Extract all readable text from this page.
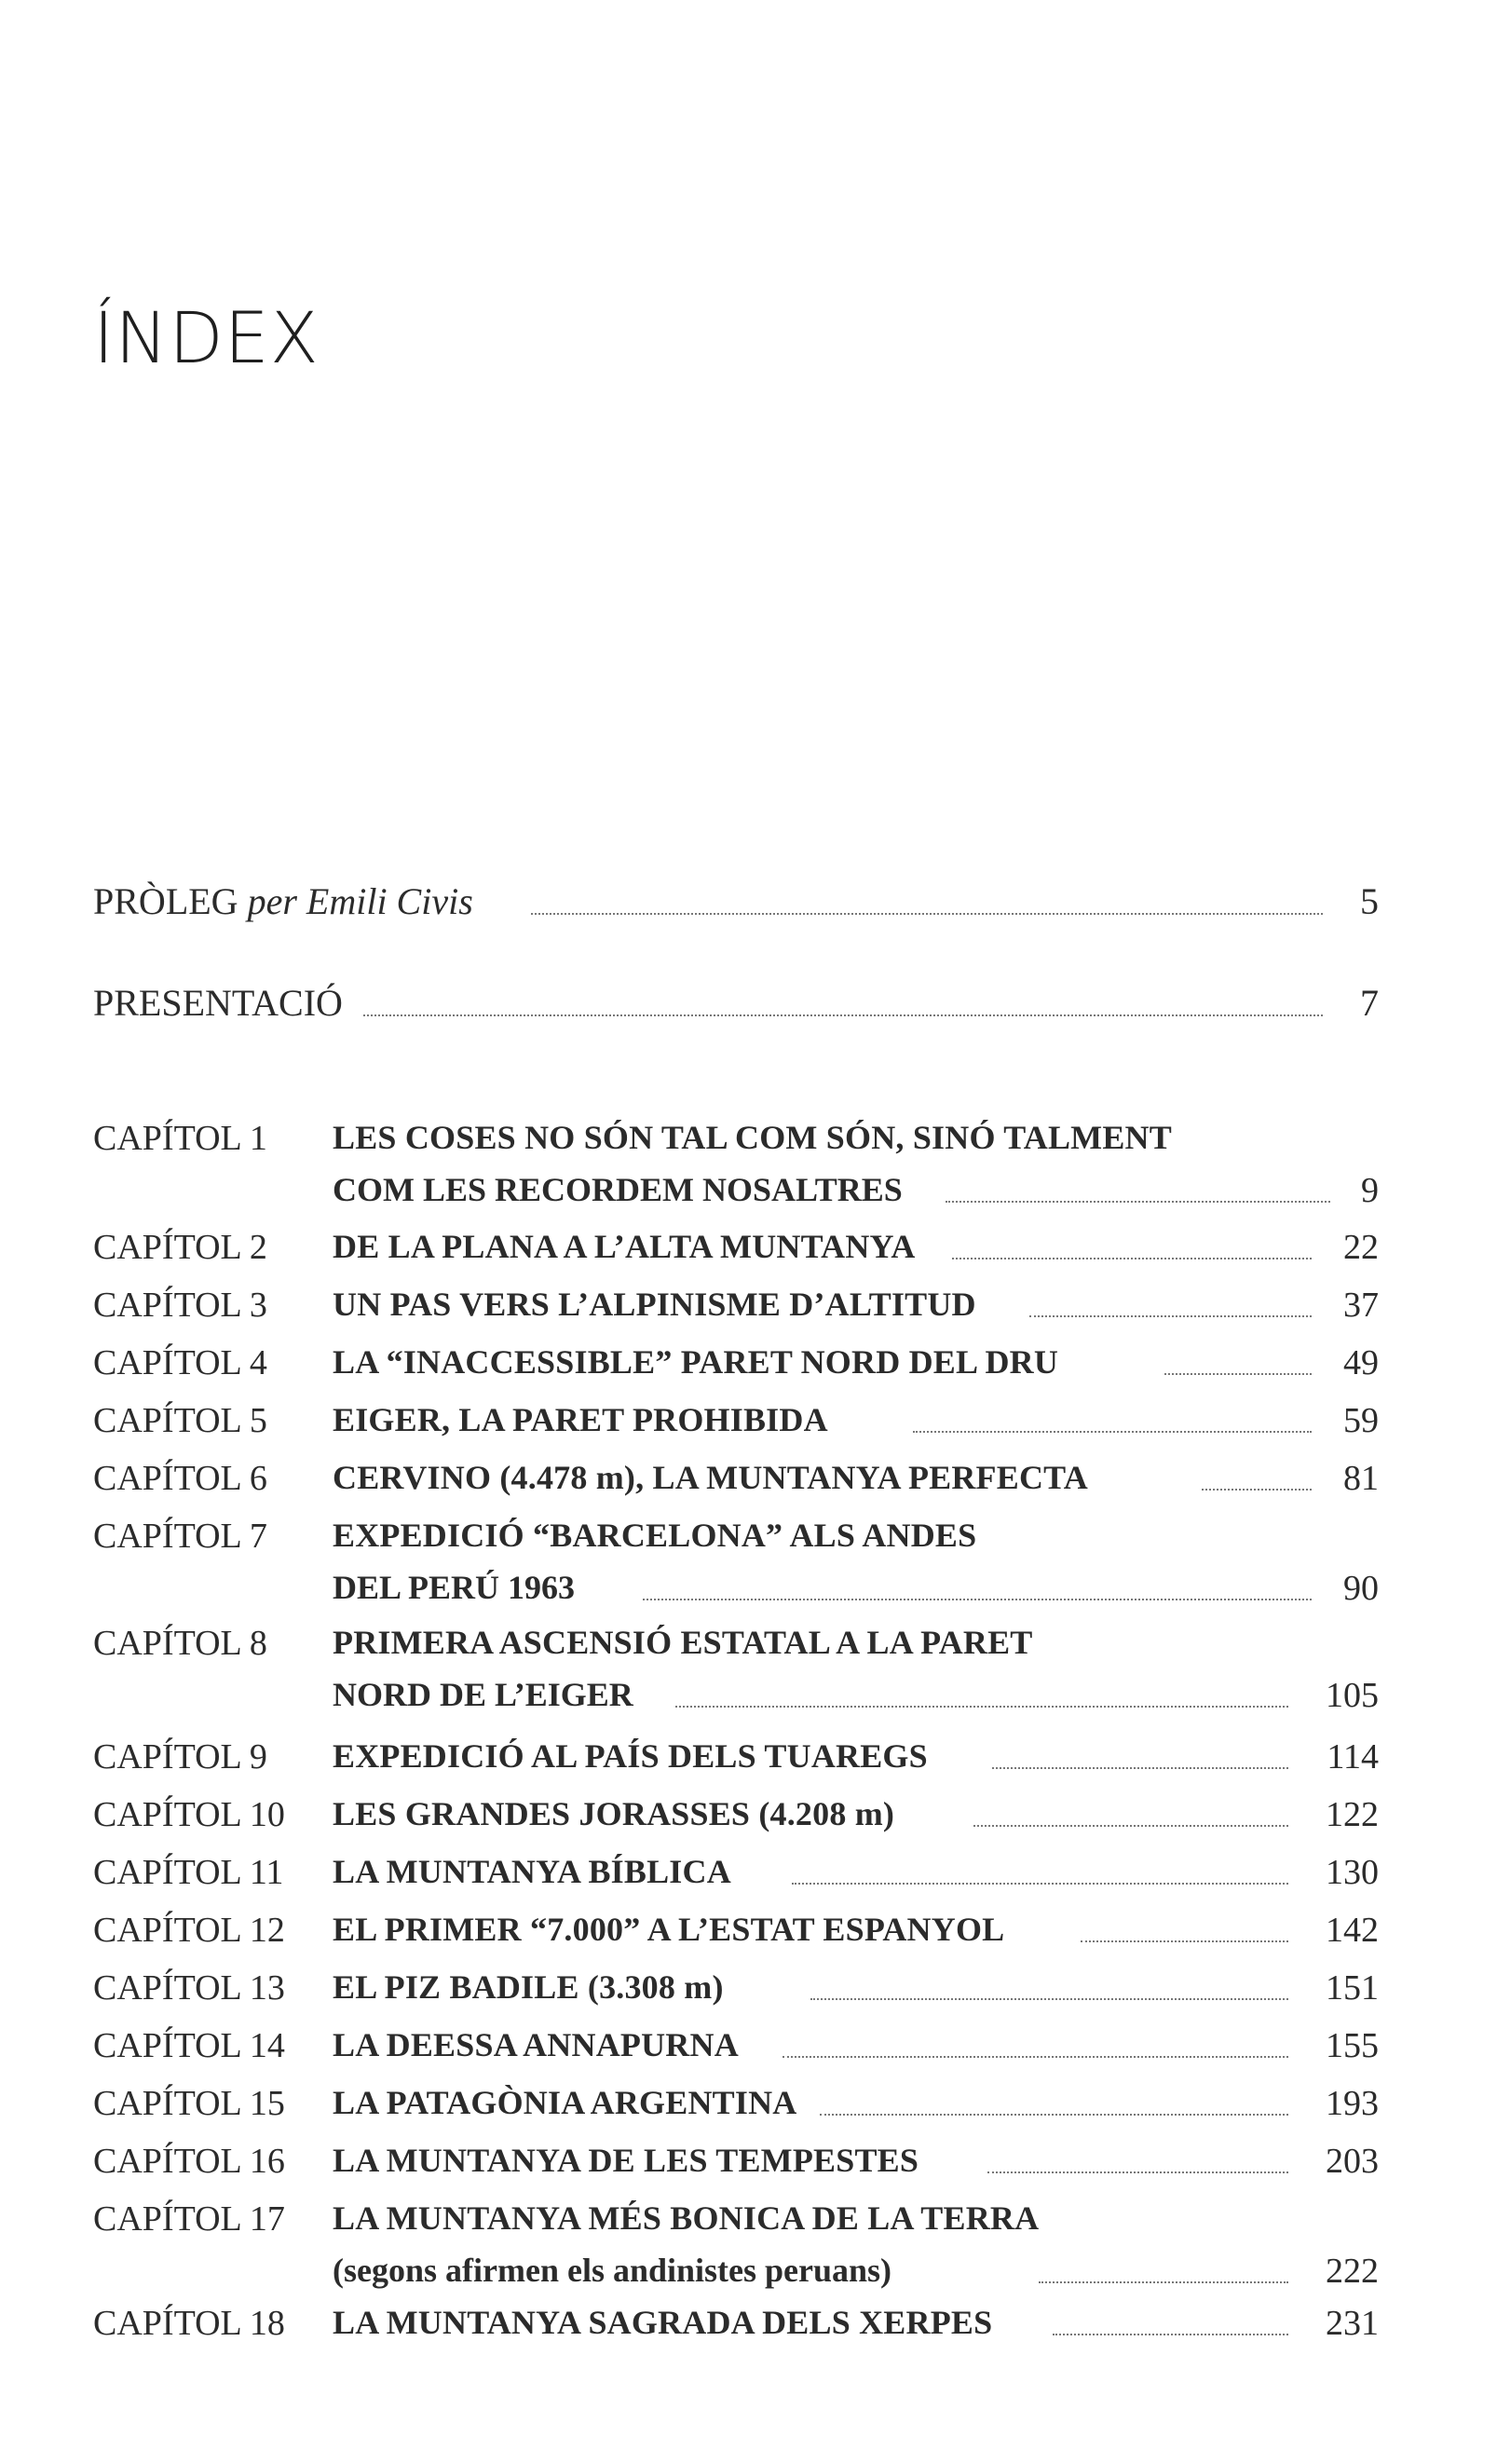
ÍNDEX
PRÒLEG per Emili Civis	5
PRESENTACIÓ	7
CAPÍTOL 1 LES COSES NO SÓN TAL COM SÓN, SINÓ TALMENT
COM LES RECORDEM NOSALTRES	9
CAPÍTOL 2 DE LA PLANA A L’ALTA MUNTANYA	22
CAPÍTOL 3 UN PAS VERS L’ALPINISME D’ALTITUD	37
CAPÍTOL 4 LA “INACCESSIBLE” PARET NORD DEL DRU	49
CAPÍTOL 5 EIGER, LA PARET PROHIBIDA	59
CAPÍTOL 6 CERVINO (4.478 m), LA MUNTANYA PERFECTA	81
CAPÍTOL 7 EXPEDICIÓ “BARCELONA” ALS ANDES
DEL PERÚ 1963	90
CAPÍTOL 8 PRIMERA ASCENSIÓ ESTATAL A LA PARET
NORD DE L’EIGER	105
CAPÍTOL 9 EXPEDICIÓ AL PAÍS DELS TUAREGS	114
CAPÍTOL 10 LES GRANDES JORASSES (4.208 m)	122
CAPÍTOL 11 LA MUNTANYA BÍBLICA	130
CAPÍTOL 12 EL PRIMER “7.000” A L’ESTAT ESPANYOL	142
CAPÍTOL 13 EL PIZ BADILE (3.308 m)	151
CAPÍTOL 14 LA DEESSA ANNAPURNA	155
CAPÍTOL 15 LA PATAGÒNIA ARGENTINA	193
CAPÍTOL 16 LA MUNTANYA DE LES TEMPESTES	203
CAPÍTOL 17 LA MUNTANYA MÉS BONICA DE LA TERRA
(segons afirmen els andinistes peruans)	222
CAPÍTOL 18 LA MUNTANYA SAGRADA DELS XERPES	231
